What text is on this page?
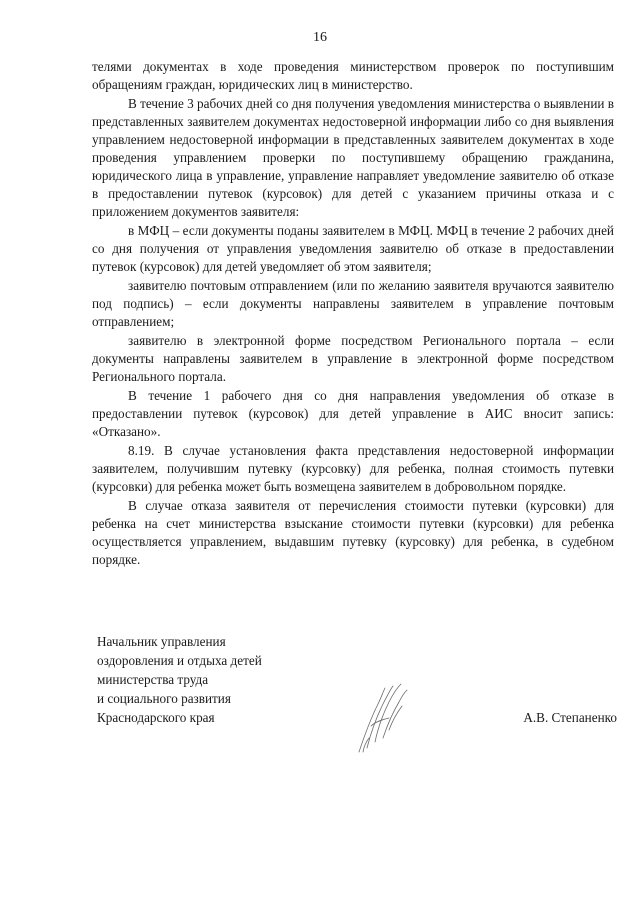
16

телями документах в ходе проведения министерством проверок по поступившим обращениям граждан, юридических лиц в министерство.

В течение 3 рабочих дней со дня получения уведомления министерства о выявлении в представленных заявителем документах недостоверной информации либо со дня выявления управлением недостоверной информации в представленных заявителем документах в ходе проведения управлением проверки по поступившему обращению гражданина, юридического лица в управление, управление направляет уведомление заявителю об отказе в предоставлении путевок (курсовок) для детей с указанием причины отказа и с приложением документов заявителя:

в МФЦ – если документы поданы заявителем в МФЦ. МФЦ в течение 2 рабочих дней со дня получения от управления уведомления заявителю об отказе в предоставлении путевок (курсовок) для детей уведомляет об этом заявителя;

заявителю почтовым отправлением (или по желанию заявителя вручаются заявителю под подпись) – если документы направлены заявителем в управление почтовым отправлением;

заявителю в электронной форме посредством Регионального портала – если документы направлены заявителем в управление в электронной форме посредством Регионального портала.

В течение 1 рабочего дня со дня направления уведомления об отказе в предоставлении путевок (курсовок) для детей управление в АИС вносит запись: «Отказано».

8.19. В случае установления факта представления недостоверной информации заявителем, получившим путевку (курсовку) для ребенка, полная стоимость путевки (курсовки) для ребенка может быть возмещена заявителем в добровольном порядке.

В случае отказа заявителя от перечисления стоимости путевки (курсовки) для ребенка на счет министерства взыскание стоимости путевки (курсовки) для ребенка осуществляется управлением, выдавшим путевку (курсовку) для ребенка, в судебном порядке.

Начальник управления
оздоровления и отдыха детей
министерства труда
и социального развития
Краснодарского края	А.В. Степаненко
